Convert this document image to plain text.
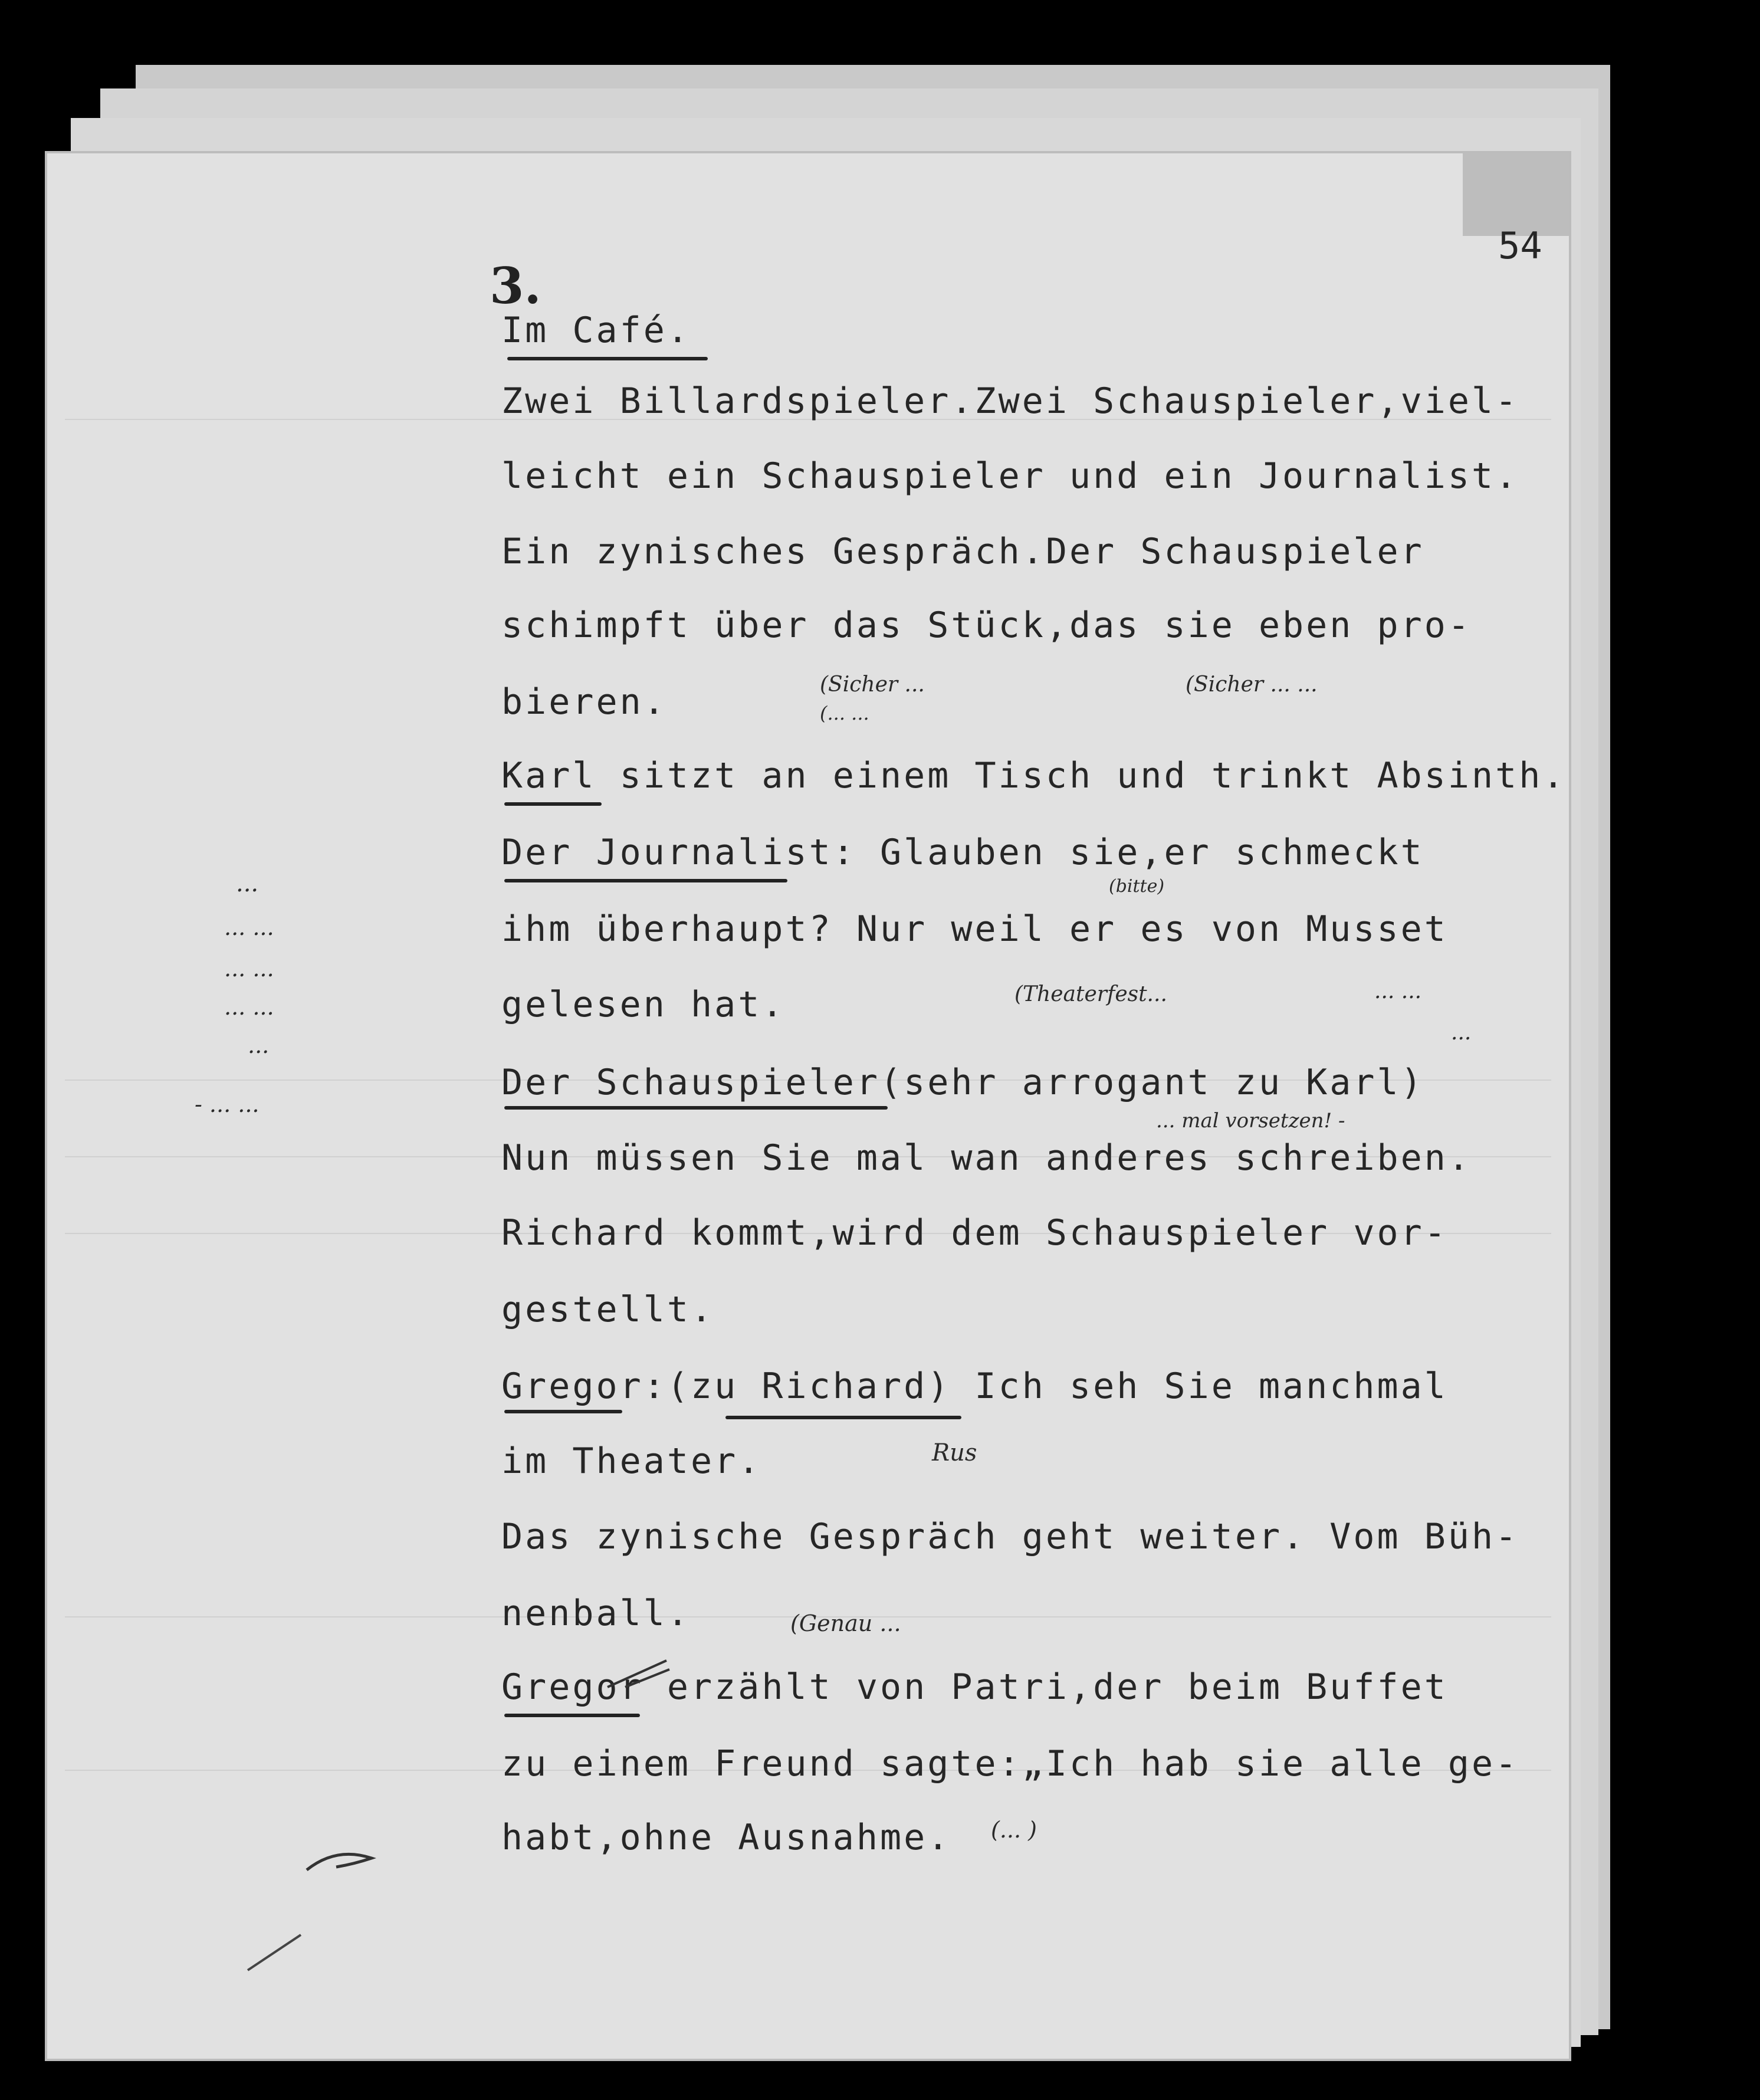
54
3.
Im Café.
Zwei Billardspieler.Zwei Schauspieler,viel-
leicht ein Schauspieler und ein Journalist.
Ein zynisches Gespräch.Der Schauspieler
schimpft über das Stück,das sie eben pro-
bieren.
Karl sitzt an einem Tisch und trinkt Absinth.
Der Journalist: Glauben sie,er schmeckt
ihm überhaupt? Nur weil er es von Musset
gelesen hat.
Der Schauspieler(sehr arrogant zu Karl)
Nun müssen Sie mal wan anderes schreiben.
Richard kommt,wird dem Schauspieler vor-
gestellt.
Gregor:(zu Richard) Ich seh Sie manchmal
im Theater.
Das zynische Gespräch geht weiter. Vom Büh-
nenball.
Gregor erzählt von Patri,der beim Buffet
zu einem Freund sagte:„Ich hab sie alle ge-
habt,ohne Ausnahme.
(Sicher ...
(... ...
(Sicher ... ...
(bitte)
(Theaterfest...	... ...
...
... mal vorsetzen! -
Rus
(Genau ...
(... )
...
... ...
... ...
... ...
...
- ... ...
